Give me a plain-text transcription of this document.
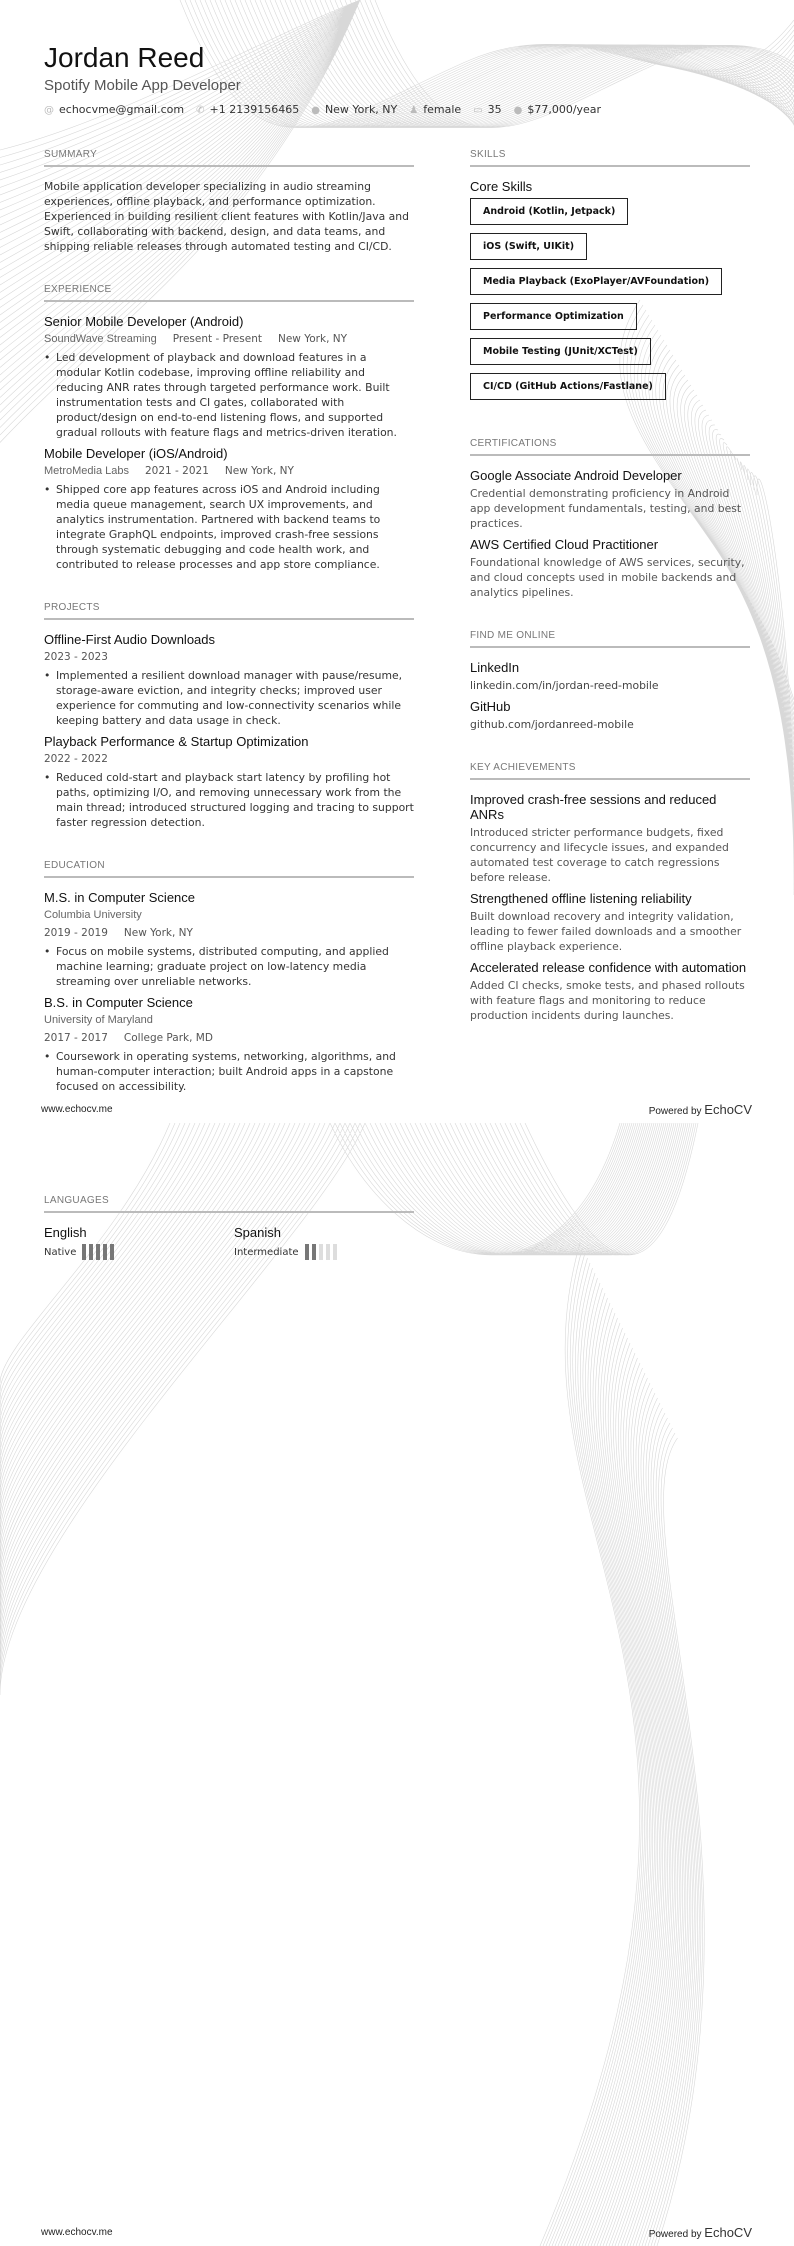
Jordan Reed
Spotify Mobile App Developer
@ echocvme@gmail.com ✆ +1 2139156465 ● New York, NY ♟ female ▭ 35 ● $77,000/year
SUMMARY
Mobile application developer specializing in audio streaming experiences, offline playback, and performance optimization. Experienced in building resilient client features with Kotlin/Java and Swift, collaborating with backend, design, and data teams, and shipping reliable releases through automated testing and CI/CD.
EXPERIENCE
Senior Mobile Developer (Android)
SoundWave Streaming Present - Present New York, NY
• Led development of playback and download features in a modular Kotlin codebase, improving offline reliability and reducing ANR rates through targeted performance work. Built instrumentation tests and CI gates, collaborated with product/design on end-to-end listening flows, and supported gradual rollouts with feature flags and metrics-driven iteration.
Mobile Developer (iOS/Android)
MetroMedia Labs 2021 - 2021 New York, NY
• Shipped core app features across iOS and Android including media queue management, search UX improvements, and analytics instrumentation. Partnered with backend teams to integrate GraphQL endpoints, improved crash-free sessions through systematic debugging and code health work, and contributed to release processes and app store compliance.
PROJECTS
Offline-First Audio Downloads
2023 - 2023
• Implemented a resilient download manager with pause/resume, storage-aware eviction, and integrity checks; improved user experience for commuting and low-connectivity scenarios while keeping battery and data usage in check.
Playback Performance & Startup Optimization
2022 - 2022
• Reduced cold-start and playback start latency by profiling hot paths, optimizing I/O, and removing unnecessary work from the main thread; introduced structured logging and tracing to support faster regression detection.
EDUCATION
M.S. in Computer Science
Columbia University
2019 - 2019 New York, NY
• Focus on mobile systems, distributed computing, and applied machine learning; graduate project on low-latency media streaming over unreliable networks.
B.S. in Computer Science
University of Maryland
2017 - 2017 College Park, MD
• Coursework in operating systems, networking, algorithms, and human-computer interaction; built Android apps in a capstone focused on accessibility.
SKILLS
Core Skills
Android (Kotlin, Jetpack)iOS (Swift, UIKit)
Media Playback (ExoPlayer/AVFoundation)
Performance Optimization
Mobile Testing (JUnit/XCTest)
CI/CD (GitHub Actions/Fastlane)
CERTIFICATIONS
Google Associate Android Developer
Credential demonstrating proficiency in Android app development fundamentals, testing, and best practices.
AWS Certified Cloud Practitioner
Foundational knowledge of AWS services, security, and cloud concepts used in mobile backends and analytics pipelines.
FIND ME ONLINE
LinkedIn
linkedin.com/in/jordan-reed-mobile
GitHub
github.com/jordanreed-mobile
KEY ACHIEVEMENTS
Improved crash-free sessions and reduced ANRs
Introduced stricter performance budgets, fixed concurrency and lifecycle issues, and expanded automated test coverage to catch regressions before release.
Strengthened offline listening reliability
Built download recovery and integrity validation, leading to fewer failed downloads and a smoother offline playback experience.
Accelerated release confidence with automation
Added CI checks, smoke tests, and phased rollouts with feature flags and monitoring to reduce production incidents during launches.
www.echocv.me	Powered by EchoCV
LANGUAGES
English
Native
Spanish
Intermediate
www.echocv.me	Powered by EchoCV
